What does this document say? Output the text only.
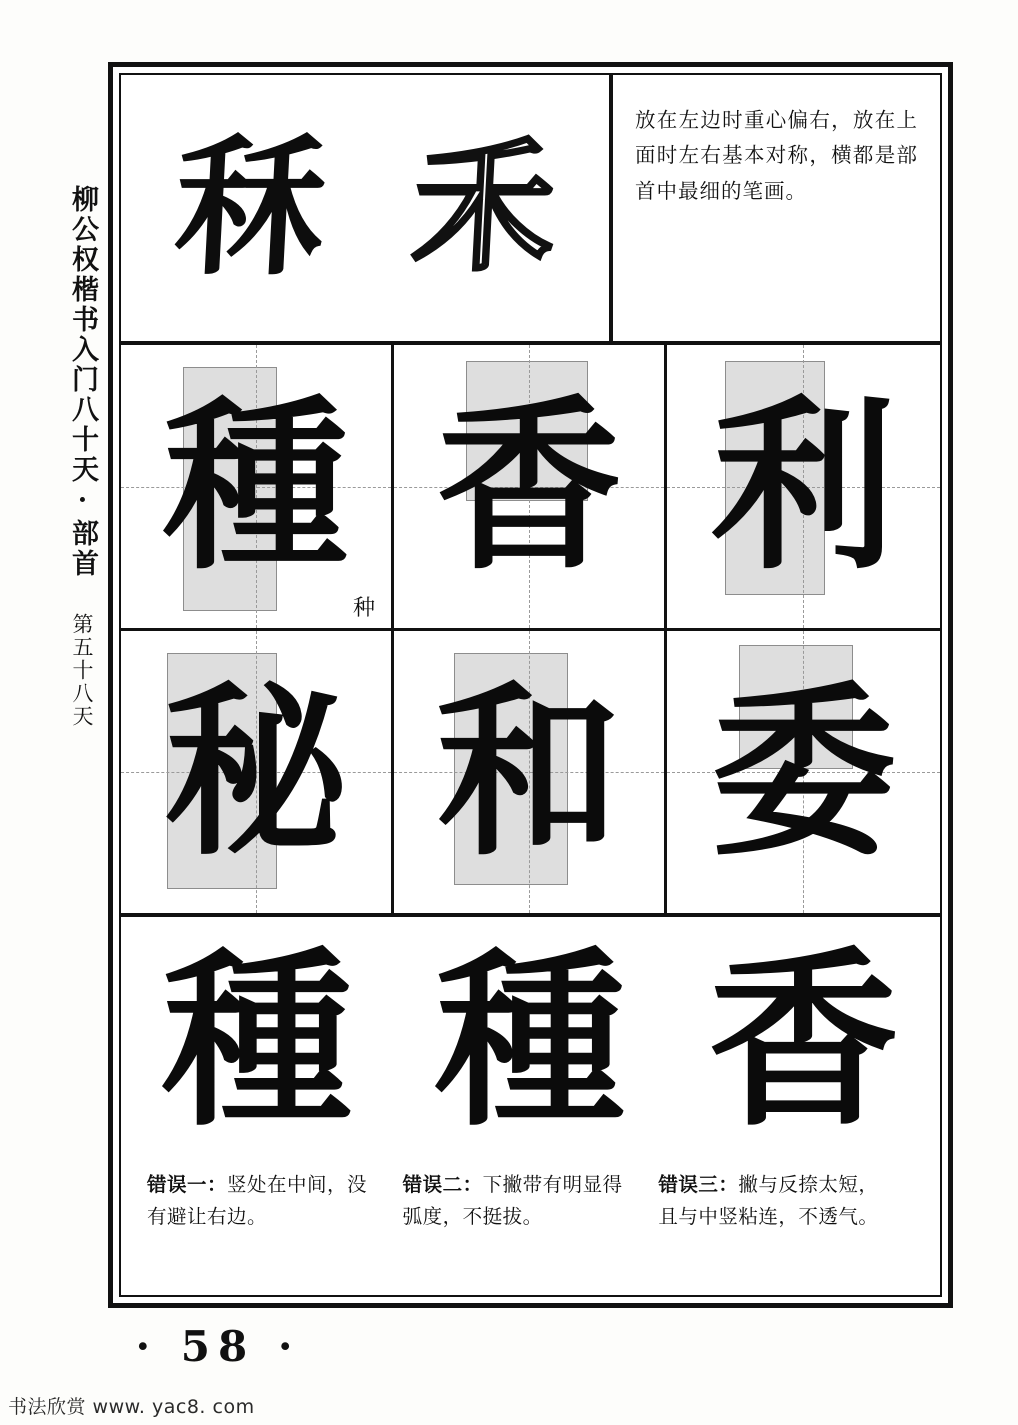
柳公权楷书入门八十天·部首 第五十八天
秝 禾
放在左边时重心偏右，放在上面时左右基本对称，横都是部首中最细的笔画。
種
种
香 利
秘 和 委
種 種 香
错误一：竖处在中间，没有避让右边。
错误二：下撇带有明显得弧度，不挺拔。
错误三：撇与反捺太短，且与中竖粘连，不透气。
· 58 ·
书法欣赏 www. yac8. com
